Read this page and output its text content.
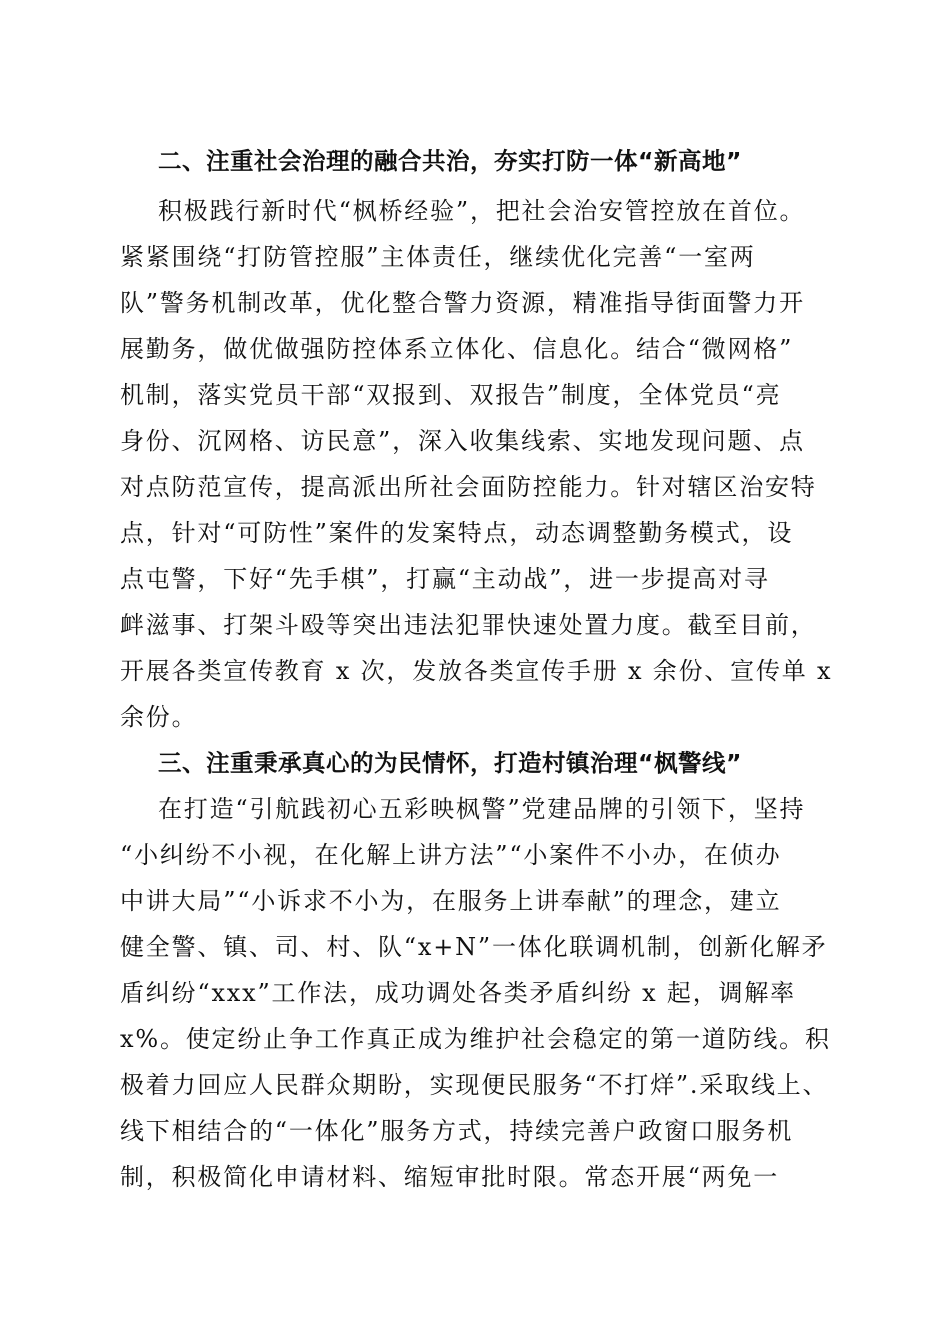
二、注重社会治理的融合共治，夯实打防一体“新高地”
积极践行新时代“枫桥经验”，把社会治安管控放在首位。
紧紧围绕“打防管控服”主体责任，继续优化完善“一室两
队”警务机制改革，优化整合警力资源，精准指导街面警力开
展勤务，做优做强防控体系立体化、信息化。结合“微网格”
机制，落实党员干部“双报到、双报告”制度，全体党员“亮
身份、沉网格、访民意”，深入收集线索、实地发现问题、点
对点防范宣传，提高派出所社会面防控能力。针对辖区治安特
点，针对“可防性”案件的发案特点，动态调整勤务模式，设
点屯警，下好“先手棋”，打赢“主动战”，进一步提高对寻
衅滋事、打架斗殴等突出违法犯罪快速处置力度。截至目前，
开展各类宣传教育 x 次，发放各类宣传手册 x 余份、宣传单 x
余份。
三、注重秉承真心的为民情怀，打造村镇治理“枫警线”
在打造“引航践初心五彩映枫警”党建品牌的引领下，坚持
“小纠纷不小视，在化解上讲方法”“小案件不小办，在侦办
中讲大局”“小诉求不小为，在服务上讲奉献”的理念，建立
健全警、镇、司、村、队“x+N”一体化联调机制，创新化解矛
盾纠纷“xxx”工作法，成功调处各类矛盾纠纷 x 起，调解率
x%。使定纷止争工作真正成为维护社会稳定的第一道防线。积
极着力回应人民群众期盼，实现便民服务“不打烊”.采取线上、
线下相结合的“一体化”服务方式，持续完善户政窗口服务机
制，积极简化申请材料、缩短审批时限。常态开展“两免一
